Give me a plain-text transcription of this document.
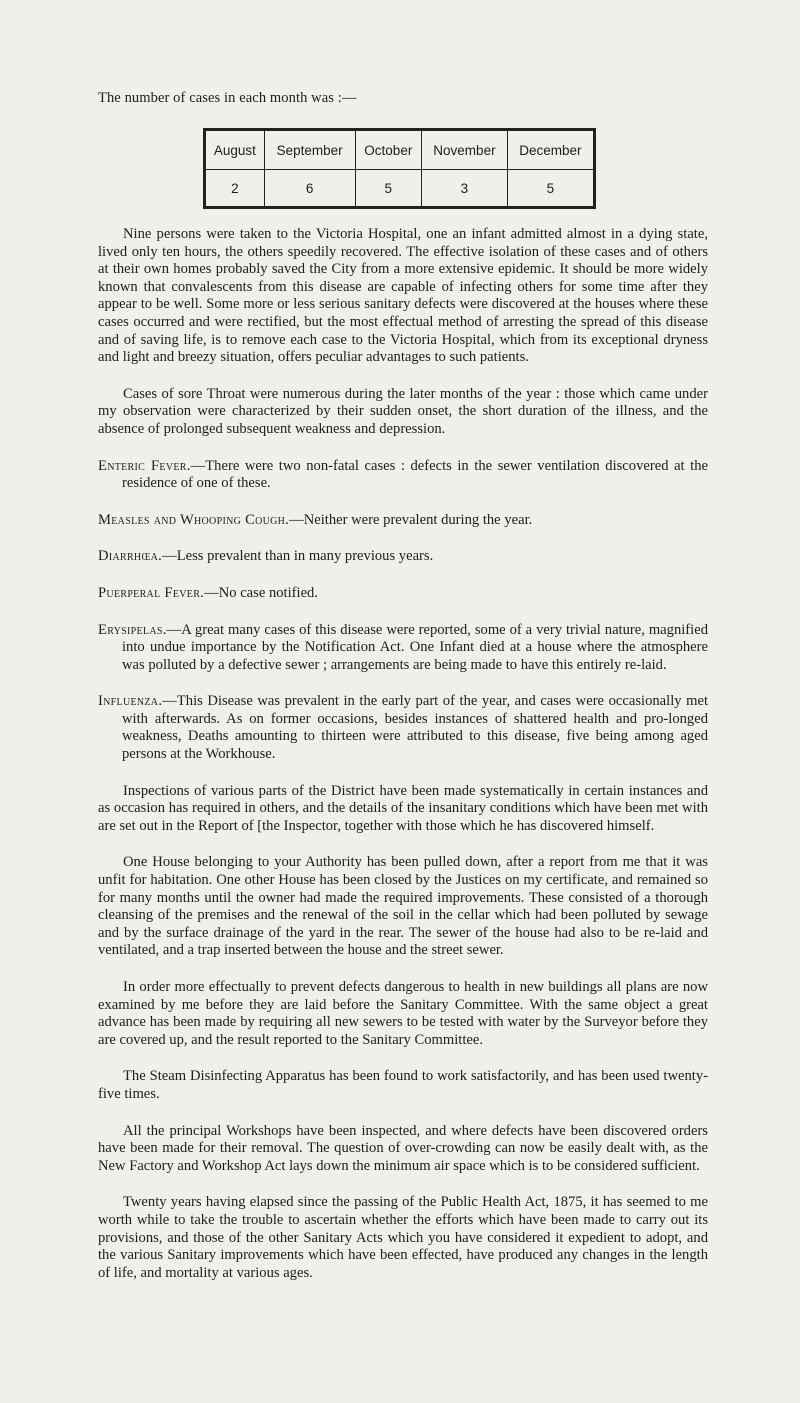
The number of cases in each month was :—
August	September	October	November	December
2	6	5	3	5

Nine persons were taken to the Victoria Hospital, one an infant admitted almost in a dying state, lived only ten hours, the others speedily recovered. The effective isolation of these cases and of others at their own homes probably saved the City from a more extensive epidemic. It should be more widely known that convalescents from this disease are capable of infecting others for some time after they appear to be well. Some more or less serious sanitary defects were discovered at the houses where these cases occurred and were rectified, but the most effectual method of arresting the spread of this disease and of saving life, is to remove each case to the Victoria Hospital, which from its exceptional dryness and light and breezy situation, offers peculiar advantages to such patients.

Cases of sore Throat were numerous during the later months of the year : those which came under my observation were characterized by their sudden onset, the short duration of the illness, and the absence of prolonged subsequent weakness and depression.

Enteric Fever.—There were two non-fatal cases : defects in the sewer ventilation discovered at the residence of one of these.

Measles and Whooping Cough.—Neither were prevalent during the year.

Diarrhœa.—Less prevalent than in many previous years.

Puerperal Fever.—No case notified.

Erysipelas.—A great many cases of this disease were reported, some of a very trivial nature, magnified into undue importance by the Notification Act. One Infant died at a house where the atmosphere was polluted by a defective sewer ; arrangements are being made to have this entirely re-laid.

Influenza.—This Disease was prevalent in the early part of the year, and cases were occasionally met with afterwards. As on former occasions, besides instances of shattered health and pro-longed weakness, Deaths amounting to thirteen were attributed to this disease, five being among aged persons at the Workhouse.

Inspections of various parts of the District have been made systematically in certain instances and as occasion has required in others, and the details of the insanitary conditions which have been met with are set out in the Report of [the Inspector, together with those which he has discovered himself.

One House belonging to your Authority has been pulled down, after a report from me that it was unfit for habitation. One other House has been closed by the Justices on my certificate, and remained so for many months until the owner had made the required improvements. These consisted of a thorough cleansing of the premises and the renewal of the soil in the cellar which had been polluted by sewage and by the surface drainage of the yard in the rear. The sewer of the house had also to be re-laid and ventilated, and a trap inserted between the house and the street sewer.

In order more effectually to prevent defects dangerous to health in new buildings all plans are now examined by me before they are laid before the Sanitary Committee. With the same object a great advance has been made by requiring all new sewers to be tested with water by the Surveyor before they are covered up, and the result reported to the Sanitary Committee.

The Steam Disinfecting Apparatus has been found to work satisfactorily, and has been used twenty-five times.

All the principal Workshops have been inspected, and where defects have been discovered orders have been made for their removal. The question of over-crowding can now be easily dealt with, as the New Factory and Workshop Act lays down the minimum air space which is to be considered sufficient.

Twenty years having elapsed since the passing of the Public Health Act, 1875, it has seemed to me worth while to take the trouble to ascertain whether the efforts which have been made to carry out its provisions, and those of the other Sanitary Acts which you have considered it expedient to adopt, and the various Sanitary improvements which have been effected, have produced any changes in the length of life, and mortality at various ages.
